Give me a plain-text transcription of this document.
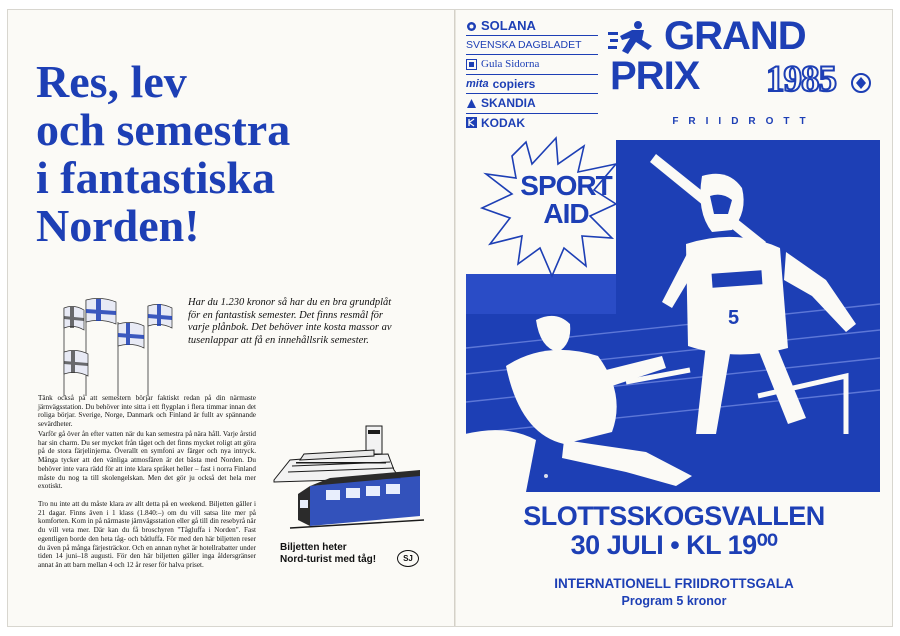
Res, lev
och semestra
i fantastiska
Norden!
Har du 1.230 kronor så har du en bra grundplåt för en fantastisk semester. Det finns resmål för varje plånbok. Det behöver inte kosta massor av tusenlappar att få en innehållsrik semester.
Tänk också på att semestern börjar faktiskt redan på din närmaste järnvägsstation. Du behöver inte sitta i ett flygplan i flera timmar innan det roliga börjar. Sverige, Norge, Danmark och Finland är fullt av spännande sevärdheter.
Varför gå över ån efter vatten när du kan semestra på nära håll. Varje årstid har sin charm. Du ser mycket från tåget och det finns mycket roligt att göra på de stora färjelinjerna. Överallt en symfoni av färger och nya intryck. Många tycker att den vänliga atmosfären är det bästa med Norden. Du behöver inte vara rädd för att inte klara språket heller – fast i norra Finland måste du nog ta till skolengelskan. Men det gör ju också det hela mer exotiskt.
Tro nu inte att du måste klara av allt detta på en weekend. Biljetten gäller i 21 dagar. Finns även i 1 klass (1.840:–) om du vill satsa lite mer på komforten. Kom in på närmaste järnvägsstation eller gå till din resebyrå när du vill veta mer. Där kan du få broschyren "Tågluffa i Norden". Fast egentligen borde den heta tåg- och båtluffa. För med den här biljetten reser du även på många färjesträckor. Och en annan nyhet är hotellrabatter under tiden 14 juni–18 augusti. För den här biljetten gäller inga åldersgränser annat än att barn mellan 4 och 12 år reser för halva priset.
Biljetten heter
Nord-turist med tåg!	SJ
SOLANA
SVENSKA DAGBLADET
Gula Sidorna
mita copiers
SKANDIA
KODAK
GRAND
PRIX 1985
FRIIDROTT
5
SPORT
AID
SLOTTSSKOGSVALLEN
30 JULI • KL 19⁰⁰
INTERNATIONELL FRIIDROTTSGALA
Program 5 kronor
